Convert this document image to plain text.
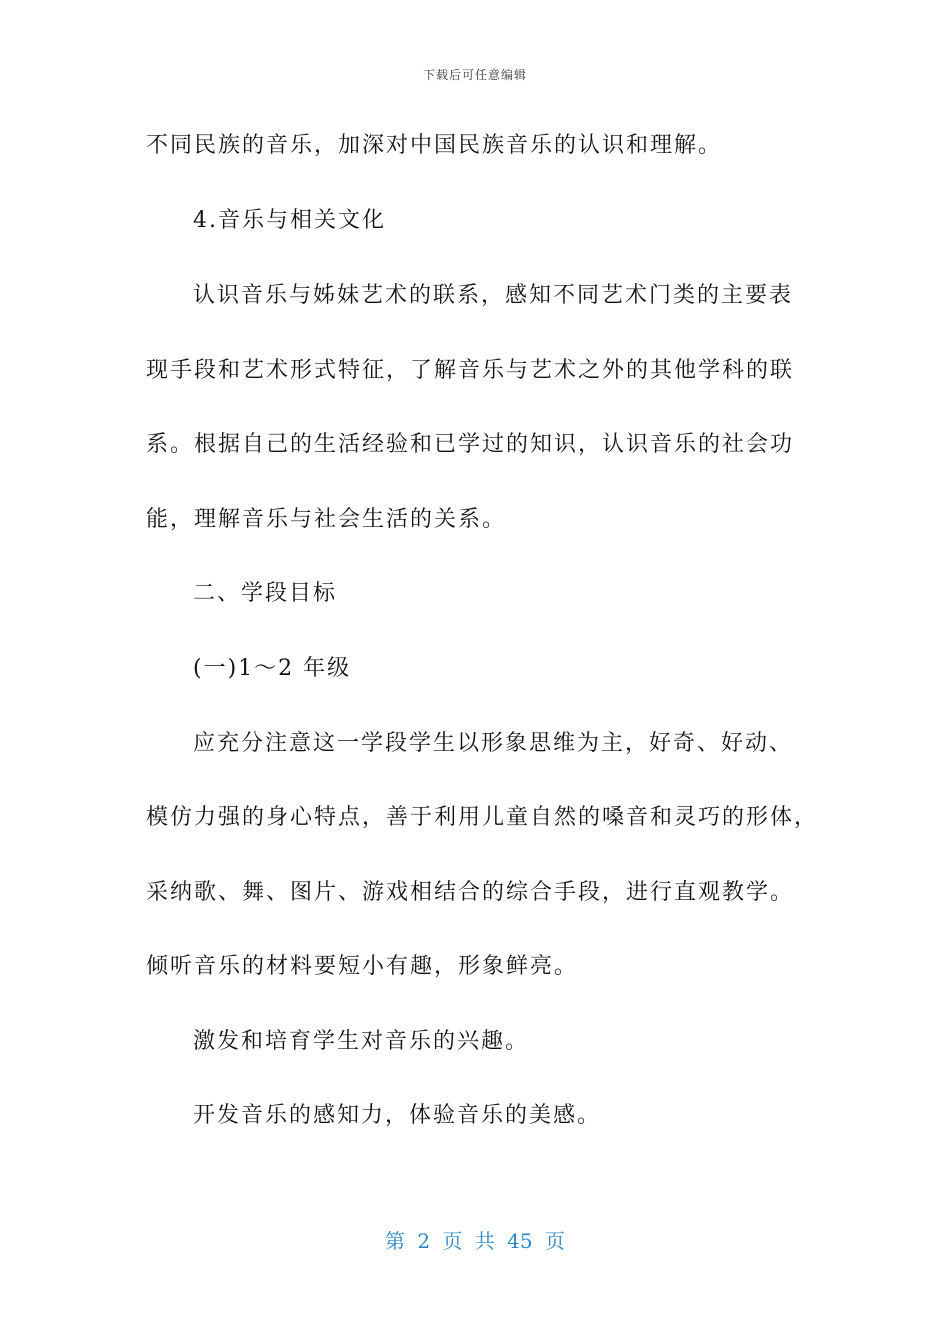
下载后可任意编辑
不同民族的音乐，加深对中国民族音乐的认识和理解。
4.音乐与相关文化
认识音乐与姊妹艺术的联系，感知不同艺术门类的主要表
现手段和艺术形式特征，了解音乐与艺术之外的其他学科的联
系。根据自己的生活经验和已学过的知识，认识音乐的社会功
能，理解音乐与社会生活的关系。
二、学段目标
(一)1～2 年级
应充分注意这一学段学生以形象思维为主，好奇、好动、
模仿力强的身心特点，善于利用儿童自然的嗓音和灵巧的形体，
采纳歌、舞、图片、游戏相结合的综合手段，进行直观教学。
倾听音乐的材料要短小有趣，形象鲜亮。
激发和培育学生对音乐的兴趣。
开发音乐的感知力，体验音乐的美感。
第 2 页 共 45 页
